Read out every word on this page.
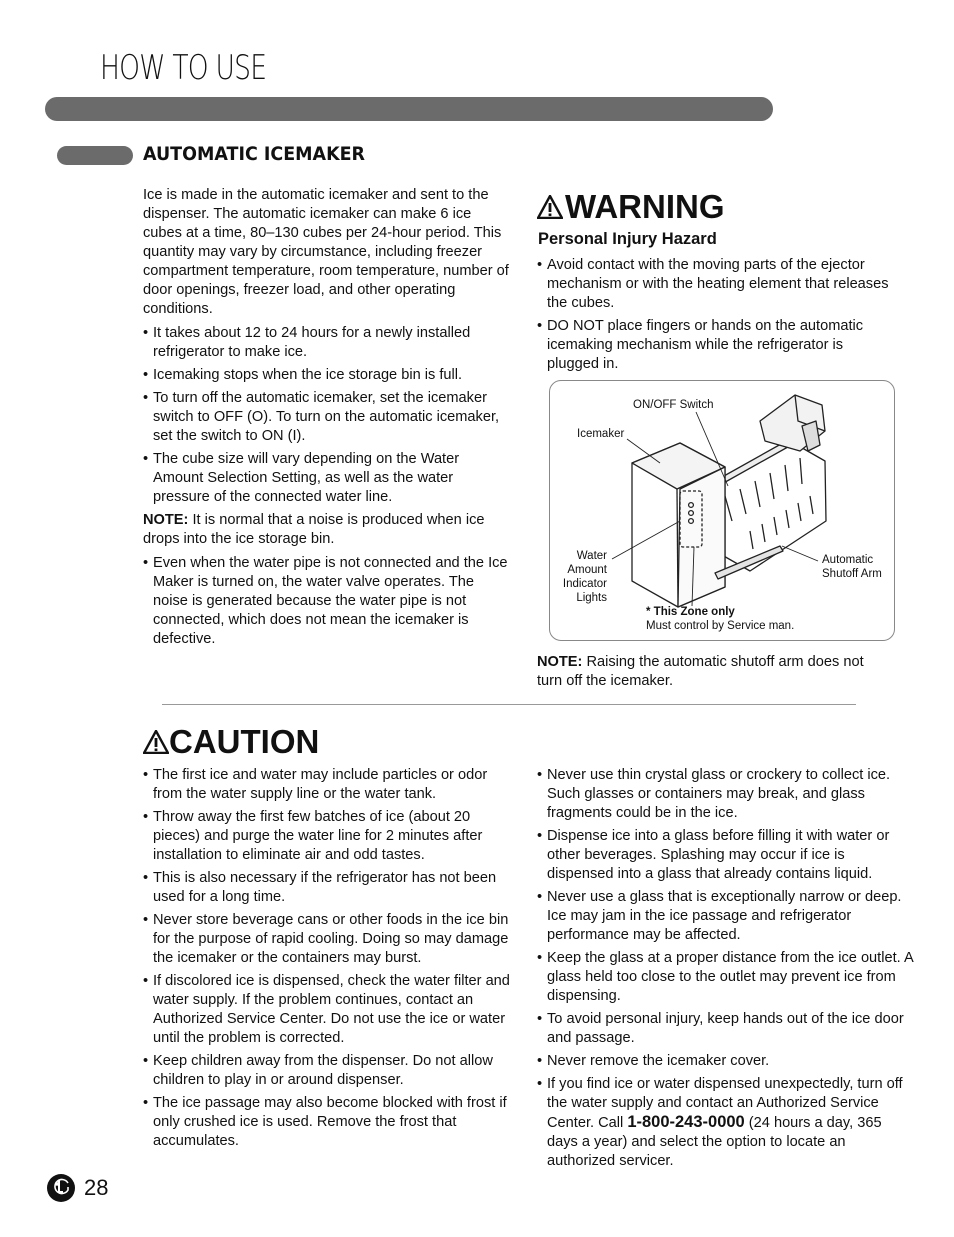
HOW TO USE
AUTOMATIC ICEMAKER

Ice is made in the automatic icemaker and sent to the dispenser. The automatic icemaker can make 6 ice cubes at a time, 80–130 cubes per 24-hour period. This quantity may vary by circumstance, including freezer compartment temperature, room temperature, number of door openings, freezer load, and other operating conditions.

• It takes about 12 to 24 hours for a newly installed refrigerator to make ice.
• Icemaking stops when the ice storage bin is full.
• To turn off the automatic icemaker, set the icemaker switch to OFF (O). To turn on the automatic icemaker, set the switch to ON (I).
• The cube size will vary depending on the Water Amount Selection Setting, as well as the water pressure of the connected water line.

NOTE: It is normal that a noise is produced when ice drops into the ice storage bin.

• Even when the water pipe is not connected and the Ice Maker is turned on, the water valve operates. The noise is generated because the water pipe is not connected, which does not mean the icemaker is defective.
WARNING
Personal Injury Hazard
• Avoid contact with the moving parts of the ejector mechanism or with the heating element that releases the cubes.
• DO NOT place fingers or hands on the automatic icemaking mechanism while the refrigerator is plugged in.
ON/OFF Switch
Icemaker
Water
Amount
Indicator
Lights
Automatic
Shutoff Arm
* This Zone only
Must control by Service man.

NOTE: Raising the automatic shutoff arm does not turn off the icemaker.

CAUTION
• The first ice and water may include particles or odor from the water supply line or the water tank.
• Throw away the first few batches of ice (about 20 pieces) and purge the water line for 2 minutes after installation to eliminate air and odd tastes.
• This is also necessary if the refrigerator has not been used for a long time.
• Never store beverage cans or other foods in the ice bin for the purpose of rapid cooling. Doing so may damage the icemaker or the containers may burst.
• If discolored ice is dispensed, check the water filter and water supply. If the problem continues, contact an Authorized Service Center. Do not use the ice or water until the problem is corrected.
• Keep children away from the dispenser. Do not allow children to play in or around dispenser.
• The ice passage may also become blocked with frost if only crushed ice is used. Remove the frost that accumulates.
• Never use thin crystal glass or crockery to collect ice. Such glasses or containers may break, and glass fragments could be in the ice.
• Dispense ice into a glass before filling it with water or other beverages. Splashing may occur if ice is dispensed into a glass that already contains liquid.
• Never use a glass that is exceptionally narrow or deep. Ice may jam in the ice passage and refrigerator performance may be affected.
• Keep the glass at a proper distance from the ice outlet. A glass held too close to the outlet may prevent ice from dispensing.
• To avoid personal injury, keep hands out of the ice door and passage.
• Never remove the icemaker cover.
• If you find ice or water dispensed unexpectedly, turn off the water supply and contact an Authorized Service Center. Call 1-800-243-0000 (24 hours a day, 365 days a year) and select the option to locate an authorized servicer.
28
